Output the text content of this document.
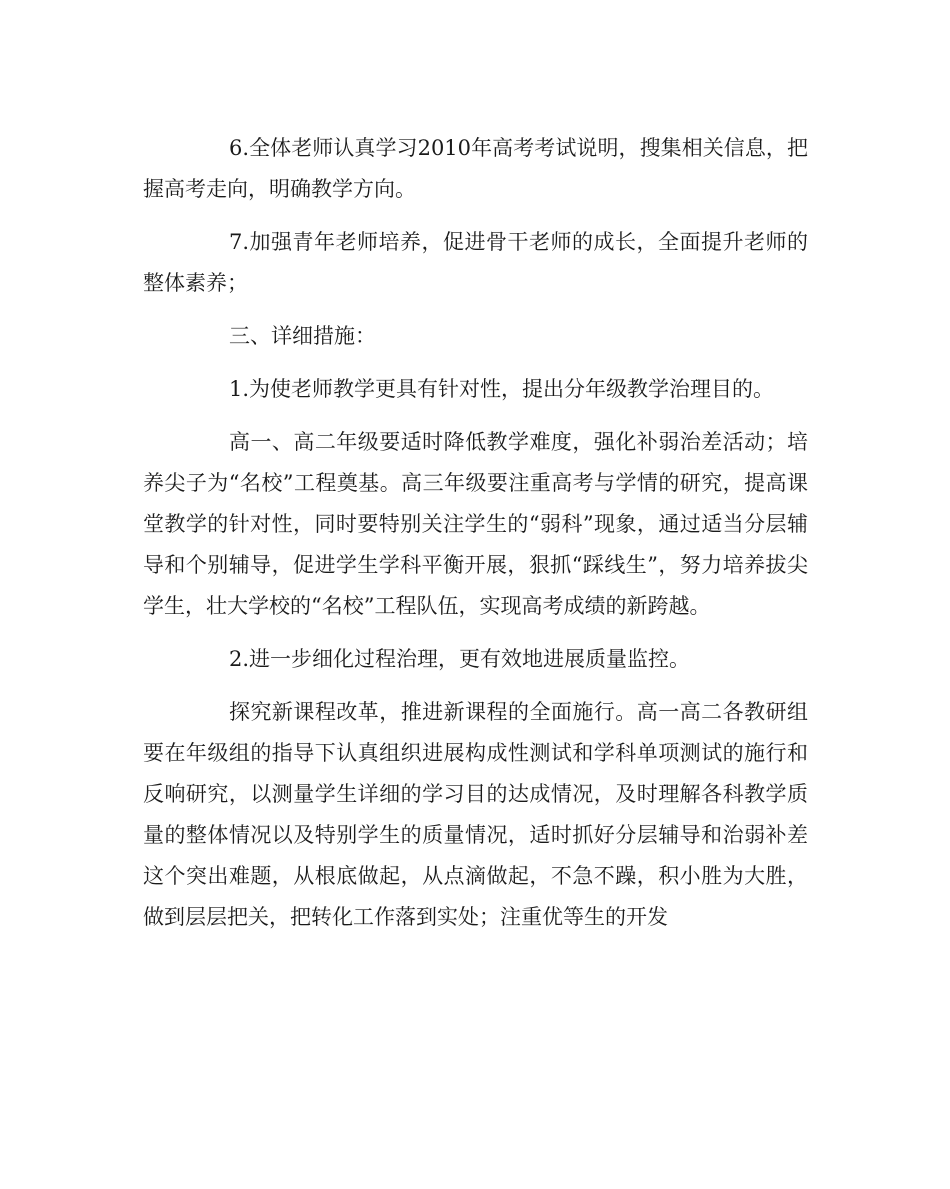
6.全体老师认真学习2010年高考考试说明，搜集相关信息，把握高考走向，明确教学方向。

7.加强青年老师培养，促进骨干老师的成长，全面提升老师的整体素养；

三、详细措施：

1.为使老师教学更具有针对性，提出分年级教学治理目的。

高一、高二年级要适时降低教学难度，强化补弱治差活动；培养尖子为“名校”工程奠基。高三年级要注重高考与学情的研究，提高课堂教学的针对性，同时要特别关注学生的“弱科”现象，通过适当分层辅导和个别辅导，促进学生学科平衡开展，狠抓“踩线生”，努力培养拔尖学生，壮大学校的“名校”工程队伍，实现高考成绩的新跨越。

2.进一步细化过程治理，更有效地进展质量监控。

探究新课程改革，推进新课程的全面施行。高一高二各教研组要在年级组的指导下认真组织进展构成性测试和学科单项测试的施行和反响研究，以测量学生详细的学习目的达成情况，及时理解各科教学质量的整体情况以及特别学生的质量情况，适时抓好分层辅导和治弱补差这个突出难题，从根底做起，从点滴做起，不急不躁，积小胜为大胜，做到层层把关，把转化工作落到实处；注重优等生的开发
